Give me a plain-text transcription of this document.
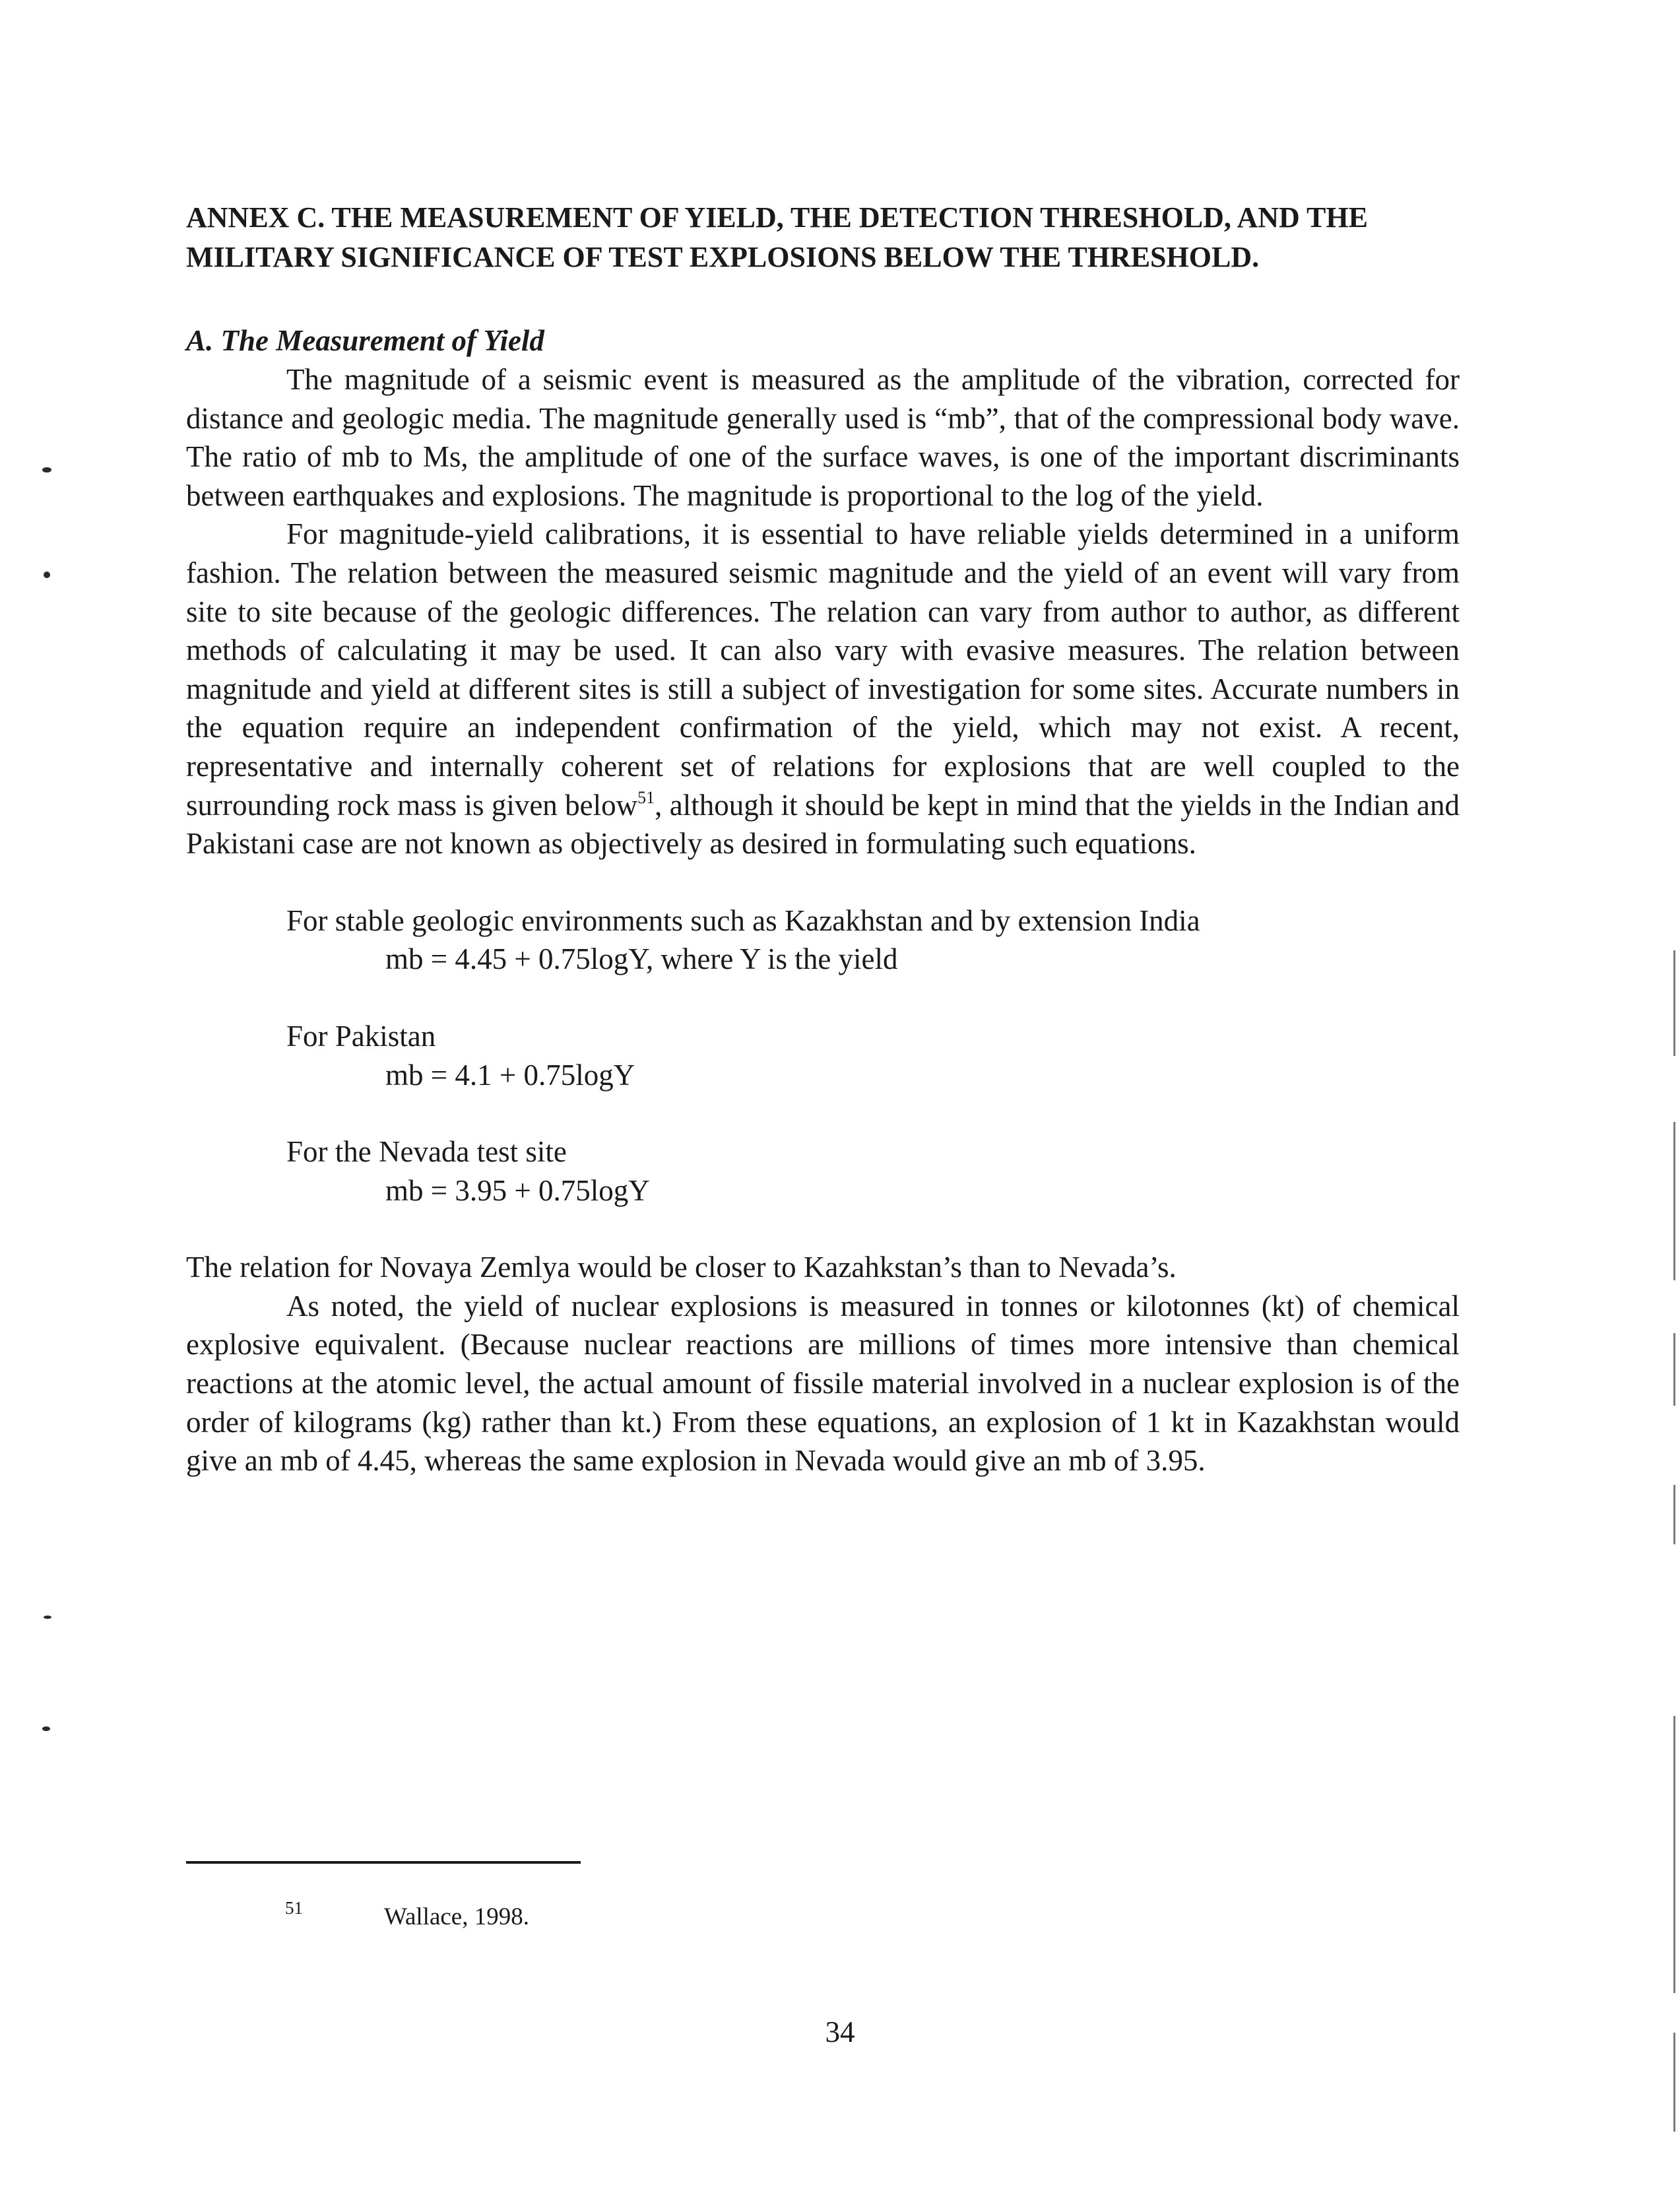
ANNEX C. THE MEASUREMENT OF YIELD, THE DETECTION THRESHOLD, AND THE MILITARY SIGNIFICANCE OF TEST EXPLOSIONS BELOW THE THRESHOLD.
A. The Measurement of Yield

The magnitude of a seismic event is measured as the amplitude of the vibration, corrected for distance and geologic media. The magnitude generally used is “mb”, that of the compressional body wave. The ratio of mb to Ms, the amplitude of one of the surface waves, is one of the important discriminants between earthquakes and explosions. The magnitude is proportional to the log of the yield.

For magnitude-yield calibrations, it is essential to have reliable yields determined in a uniform fashion. The relation between the measured seismic magnitude and the yield of an event will vary from site to site because of the geologic differences. The relation can vary from author to author, as different methods of calculating it may be used. It can also vary with evasive measures. The relation between magnitude and yield at different sites is still a subject of investigation for some sites. Accurate numbers in the equation require an independent confirmation of the yield, which may not exist. A recent, representative and internally coherent set of relations for explosions that are well coupled to the surrounding rock mass is given below$^{51}$, although it should be kept in mind that the yields in the Indian and Pakistani case are not known as objectively as desired in formulating such equations.

For stable geologic environments such as Kazakhstan and by extension India
mb = 4.45 + 0.75logY, where Y is the yield
For Pakistan
mb = 4.1 + 0.75logY
For the Nevada test site
mb = 3.95 + 0.75logY

The relation for Novaya Zemlya would be closer to Kazahkstan’s than to Nevada’s.

As noted, the yield of nuclear explosions is measured in tonnes or kilotonnes (kt) of chemical explosive equivalent. (Because nuclear reactions are millions of times more intensive than chemical reactions at the atomic level, the actual amount of fissile material involved in a nuclear explosion is of the order of kilograms (kg) rather than kt.) From these equations, an explosion of 1 kt in Kazakhstan would give an mb of 4.45, whereas the same explosion in Nevada would give an mb of 3.95.

51	Wallace, 1998.
34
